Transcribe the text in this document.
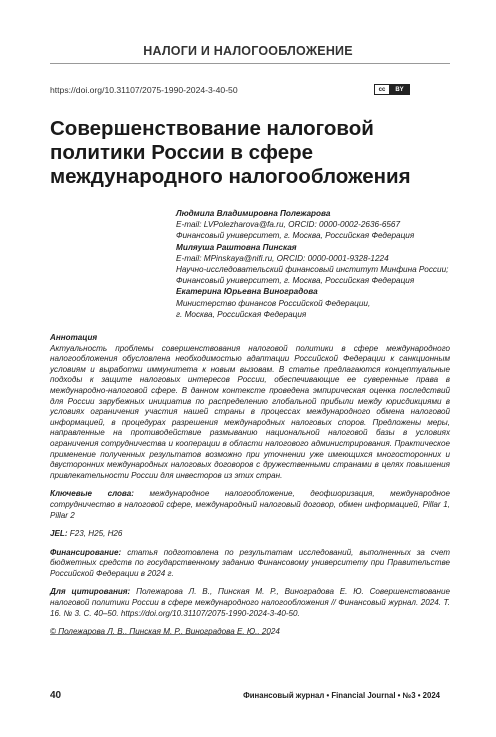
НАЛОГИ И НАЛОГООБЛОЖЕНИЕ
https://doi.org/10.31107/2075-1990-2024-3-40-50	cc	BY
Совершенствование налоговой
политики России в сфере
международного налогообложения
Людмила Владимировна Полежарова
E-mail: LVPolezharova@fa.ru, ORCID: 0000-0002-2636-6567
Финансовый университет, г. Москва, Российская Федерация
Миляуша Раштовна Пинская
E-mail: MPinskaya@nifi.ru, ORCID: 0000-0001-9328-1224
Научно-исследовательский финансовый институт Минфина России;
Финансовый университет, г. Москва, Российская Федерация
Екатерина Юрьевна Виноградова
Министерство финансов Российской Федерации,
г. Москва, Российская Федерация
Аннотация
Актуальность проблемы совершенствования налоговой политики в сфере международного налогообложения обусловлена необходимостью адаптации Российской Федерации к санкционным условиям и выработки иммунитета к новым вызовам. В статье предлагаются концептуальные подходы к защите налоговых интересов России, обеспечивающие ее суверенные права в международно-налоговой сфере. В данном контексте проведена эмпирическая оценка последствий для России зарубежных инициатив по распределению глобальной прибыли между юрисдикциями в условиях ограничения участия нашей страны в процессах международного обмена налоговой информацией, в процедурах разрешения международных налоговых споров. Предложены меры, направленные на противодействие размыванию национальной налоговой базы в условиях ограничения сотрудничества и кооперации в области налогового администрирования. Практическое применение полученных результатов возможно при уточнении уже имеющихся многосторонних и двусторонних международных налоговых договоров с дружественными странами в целях повышения привлекательности России для инвесторов из этих стран.
Ключевые слова: международное налогообложение, деофшоризация, международное сотрудничество в налоговой сфере, международный налоговый договор, обмен информацией, Pillar 1, Pillar 2
JEL: F23, H25, H26
Финансирование: статья подготовлена по результатам исследований, выполненных за счет бюджетных средств по государственному заданию Финансовому университету при Правительстве Российской Федерации в 2024 г.
Для цитирования: Полежарова Л. В., Пинская М. Р., Виноградова Е. Ю. Совершенствование налоговой политики России в сфере международного налогообложения // Финансовый журнал. 2024. Т. 16. № 3. С. 40–50. https://doi.org/10.31107/2075-1990-2024-3-40-50.
© Полежарова Л. В., Пинская М. Р., Виноградова Е. Ю., 2024
40	Финансовый журнал • Financial Journal • №3 • 2024
